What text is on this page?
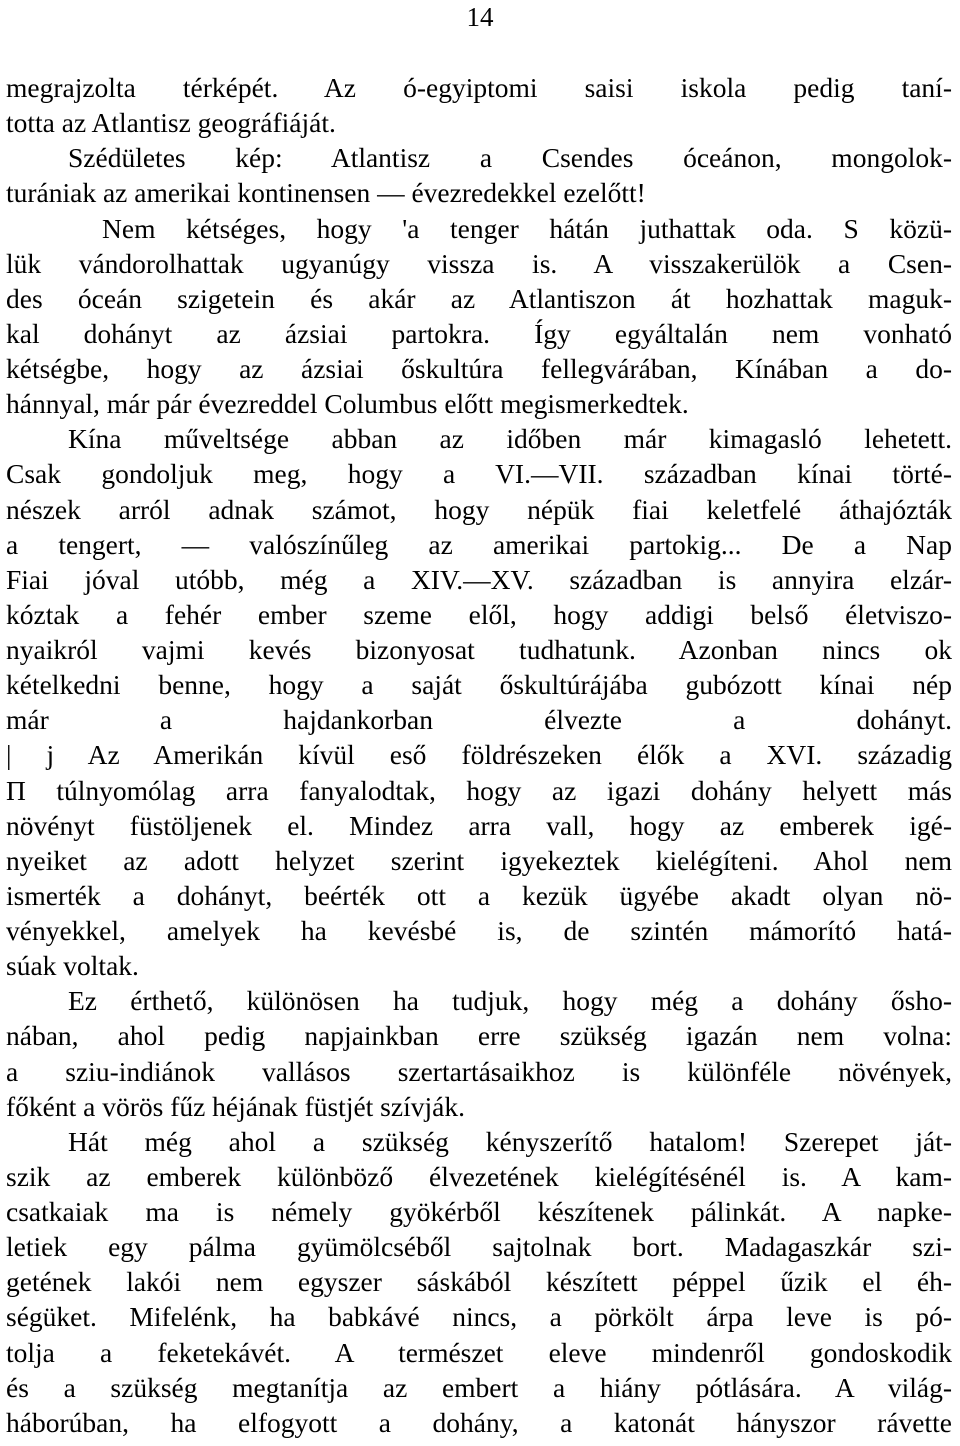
14
megrajzolta térképét. Az ó-egyiptomi saisi iskola pedig taní-
totta az Atlantisz geográfiáját.
Szédületes kép: Atlantisz a Csendes óceánon, mongolok-
turániak az amerikai kontinensen — évezredekkel ezelőtt!
Nem kétséges, hogy 'a tenger hátán juthattak oda. S közü-
lük vándorolhattak ugyanúgy vissza is. A visszakerülök a Csen-
des óceán szigetein és akár az Atlantiszon át hozhattak maguk-
kal dohányt az ázsiai partokra. Így egyáltalán nem vonható
kétségbe, hogy az ázsiai őskultúra fellegvárában, Kínában a do-
hánnyal, már pár évezreddel Columbus előtt megismerkedtek.
Kína műveltsége abban az időben már kimagasló lehetett.
Csak gondoljuk meg, hogy a VI.—VII. században kínai törté-
nészek arról adnak számot, hogy népük fiai keletfelé áthajózták
a tengert, — valószínűleg az amerikai partokig... De a Nap
Fiai jóval utóbb, még a XIV.—XV. században is annyira elzár-
kóztak a fehér ember szeme elől, hogy addigi belső életviszo-
nyaikról vajmi kevés bizonyosat tudhatunk. Azonban nincs ok
kételkedni benne, hogy a saját őskultúrájába gubózott kínai nép
már a hajdankorban élvezte a dohányt.
| j Az Amerikán kívül eső földrészeken élők a XVI. századig
Π túlnyomólag arra fanyalodtak, hogy az igazi dohány helyett más
növényt füstöljenek el. Mindez arra vall, hogy az emberek igé-
nyeiket az adott helyzet szerint igyekeztek kielégíteni. Ahol nem
ismerték a dohányt, beérték ott a kezük ügyébe akadt olyan nö-
vényekkel, amelyek ha kevésbé is, de szintén mámorító hatá-
súak voltak.
Ez érthető, különösen ha tudjuk, hogy még a dohány ősho-
nában, ahol pedig napjainkban erre szükség igazán nem volna:
a sziu-indiánok vallásos szertartásaikhoz is különféle növények,
főként a vörös fűz héjának füstjét szívják.
Hát még ahol a szükség kényszerítő hatalom! Szerepet ját-
szik az emberek különböző élvezetének kielégítésénél is. A kam-
csatkaiak ma is némely gyökérből készítenek pálinkát. A napke-
letiek egy pálma gyümölcséből sajtolnak bort. Madagaszkár szi-
getének lakói nem egyszer sáskából készített péppel űzik el éh-
ségüket. Mifelénk, ha babkávé nincs, a pörkölt árpa leve is pó-
tolja a feketekávét. A természet eleve mindenről gondoskodik
és a szükség megtanítja az embert a hiány pótlására. A világ-
háborúban, ha elfogyott a dohány, a katonát hányszor rávette
